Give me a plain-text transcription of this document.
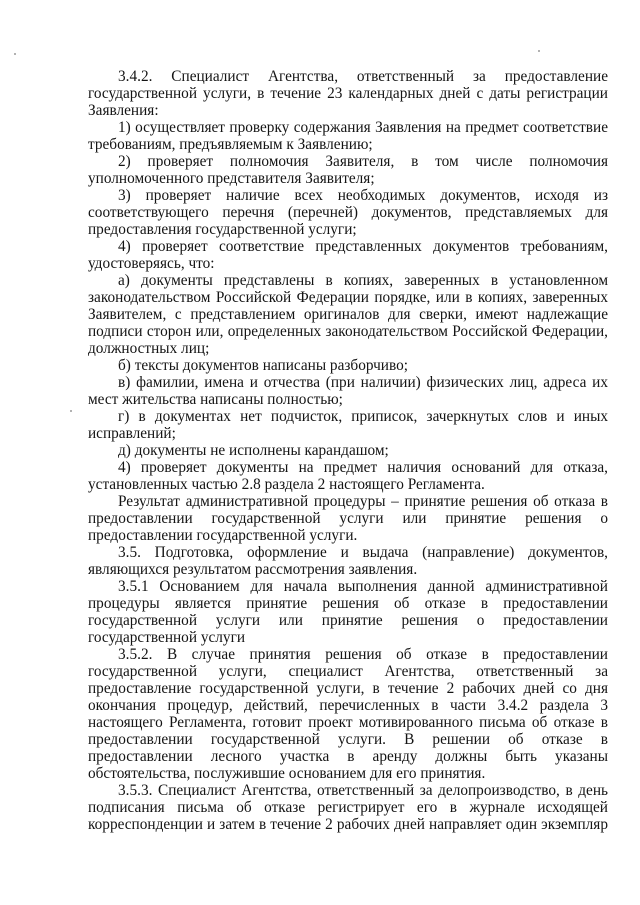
3.4.2. Специалист Агентства, ответственный за предоставление
государственной услуги, в течение 23 календарных дней с даты регистрации
Заявления:
1) осуществляет проверку содержания Заявления на предмет соответствие
требованиям, предъявляемым к Заявлению;
2) проверяет полномочия Заявителя, в том числе полномочия
уполномоченного представителя Заявителя;
3) проверяет наличие всех необходимых документов, исходя из
соответствующего перечня (перечней) документов, представляемых для
предоставления государственной услуги;
4) проверяет соответствие представленных документов требованиям,
удостоверяясь, что:
а) документы представлены в копиях, заверенных в установленном
законодательством Российской Федерации порядке, или в копиях, заверенных
Заявителем, с представлением оригиналов для сверки, имеют надлежащие
подписи сторон или, определенных законодательством Российской Федерации,
должностных лиц;
б) тексты документов написаны разборчиво;
в) фамилии, имена и отчества (при наличии) физических лиц, адреса их
мест жительства написаны полностью;
г) в документах нет подчисток, приписок, зачеркнутых слов и иных
исправлений;
д) документы не исполнены карандашом;
4) проверяет документы на предмет наличия оснований для отказа,
установленных частью 2.8 раздела 2 настоящего Регламента.
Результат административной процедуры – принятие решения об отказа в
предоставлении государственной услуги или принятие решения о
предоставлении государственной услуги.
3.5. Подготовка, оформление и выдача (направление) документов,
являющихся результатом рассмотрения заявления.
3.5.1 Основанием для начала выполнения данной административной
процедуры является принятие решения об отказе в предоставлении
государственной услуги или принятие решения о предоставлении
государственной услуги
3.5.2. В случае принятия решения об отказе в предоставлении
государственной услуги, специалист Агентства, ответственный за
предоставление государственной услуги, в течение 2 рабочих дней со дня
окончания процедур, действий, перечисленных в части 3.4.2 раздела 3
настоящего Регламента, готовит проект мотивированного письма об отказе в
предоставлении государственной услуги. В решении об отказе в
предоставлении лесного участка в аренду должны быть указаны
обстоятельства, послужившие основанием для его принятия.
3.5.3. Специалист Агентства, ответственный за делопроизводство, в день
подписания письма об отказе регистрирует его в журнале исходящей
корреспонденции и затем в течение 2 рабочих дней направляет один экземпляр
